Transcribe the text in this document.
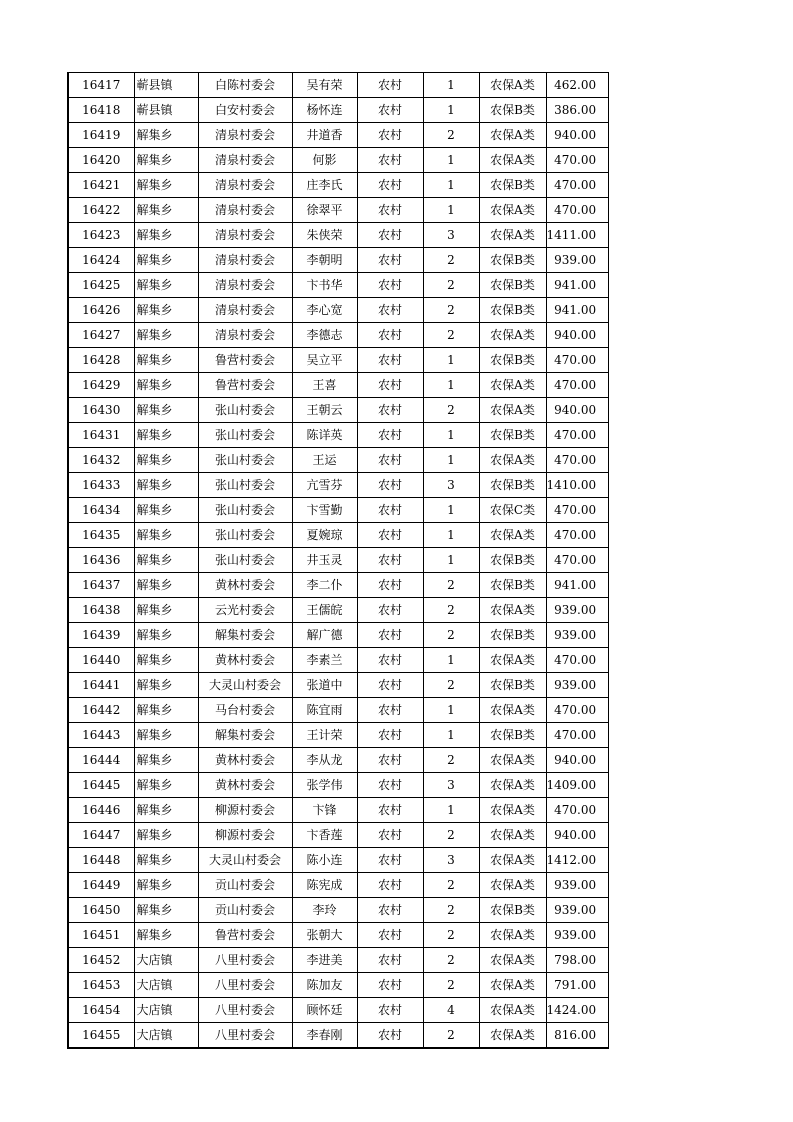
16417	蕲县镇	白陈村委会	吴有荣	农村	1	农保A类	462.00
16418	蕲县镇	白安村委会	杨怀连	农村	1	农保B类	386.00
16419	解集乡	清泉村委会	井道香	农村	2	农保A类	940.00
16420	解集乡	清泉村委会	何影	农村	1	农保A类	470.00
16421	解集乡	清泉村委会	庄李氏	农村	1	农保B类	470.00
16422	解集乡	清泉村委会	徐翠平	农村	1	农保A类	470.00
16423	解集乡	清泉村委会	朱侠荣	农村	3	农保A类	1411.00
16424	解集乡	清泉村委会	李朝明	农村	2	农保B类	939.00
16425	解集乡	清泉村委会	卞书华	农村	2	农保B类	941.00
16426	解集乡	清泉村委会	李心宽	农村	2	农保B类	941.00
16427	解集乡	清泉村委会	李德志	农村	2	农保A类	940.00
16428	解集乡	鲁营村委会	吴立平	农村	1	农保B类	470.00
16429	解集乡	鲁营村委会	王喜	农村	1	农保A类	470.00
16430	解集乡	张山村委会	王朝云	农村	2	农保A类	940.00
16431	解集乡	张山村委会	陈详英	农村	1	农保B类	470.00
16432	解集乡	张山村委会	王运	农村	1	农保A类	470.00
16433	解集乡	张山村委会	亢雪芬	农村	3	农保B类	1410.00
16434	解集乡	张山村委会	卞雪勤	农村	1	农保C类	470.00
16435	解集乡	张山村委会	夏婉琼	农村	1	农保A类	470.00
16436	解集乡	张山村委会	井玉灵	农村	1	农保B类	470.00
16437	解集乡	黄林村委会	李二仆	农村	2	农保B类	941.00
16438	解集乡	云光村委会	王儒皖	农村	2	农保A类	939.00
16439	解集乡	解集村委会	解广德	农村	2	农保B类	939.00
16440	解集乡	黄林村委会	李素兰	农村	1	农保A类	470.00
16441	解集乡	大灵山村委会	张道中	农村	2	农保B类	939.00
16442	解集乡	马台村委会	陈宜雨	农村	1	农保A类	470.00
16443	解集乡	解集村委会	王计荣	农村	1	农保B类	470.00
16444	解集乡	黄林村委会	李从龙	农村	2	农保A类	940.00
16445	解集乡	黄林村委会	张学伟	农村	3	农保A类	1409.00
16446	解集乡	柳源村委会	卞锋	农村	1	农保A类	470.00
16447	解集乡	柳源村委会	卞香莲	农村	2	农保A类	940.00
16448	解集乡	大灵山村委会	陈小连	农村	3	农保A类	1412.00
16449	解集乡	贡山村委会	陈宪成	农村	2	农保A类	939.00
16450	解集乡	贡山村委会	李玲	农村	2	农保B类	939.00
16451	解集乡	鲁营村委会	张朝大	农村	2	农保A类	939.00
16452	大店镇	八里村委会	李进美	农村	2	农保A类	798.00
16453	大店镇	八里村委会	陈加友	农村	2	农保A类	791.00
16454	大店镇	八里村委会	顾怀廷	农村	4	农保A类	1424.00
16455	大店镇	八里村委会	李春刚	农村	2	农保A类	816.00
